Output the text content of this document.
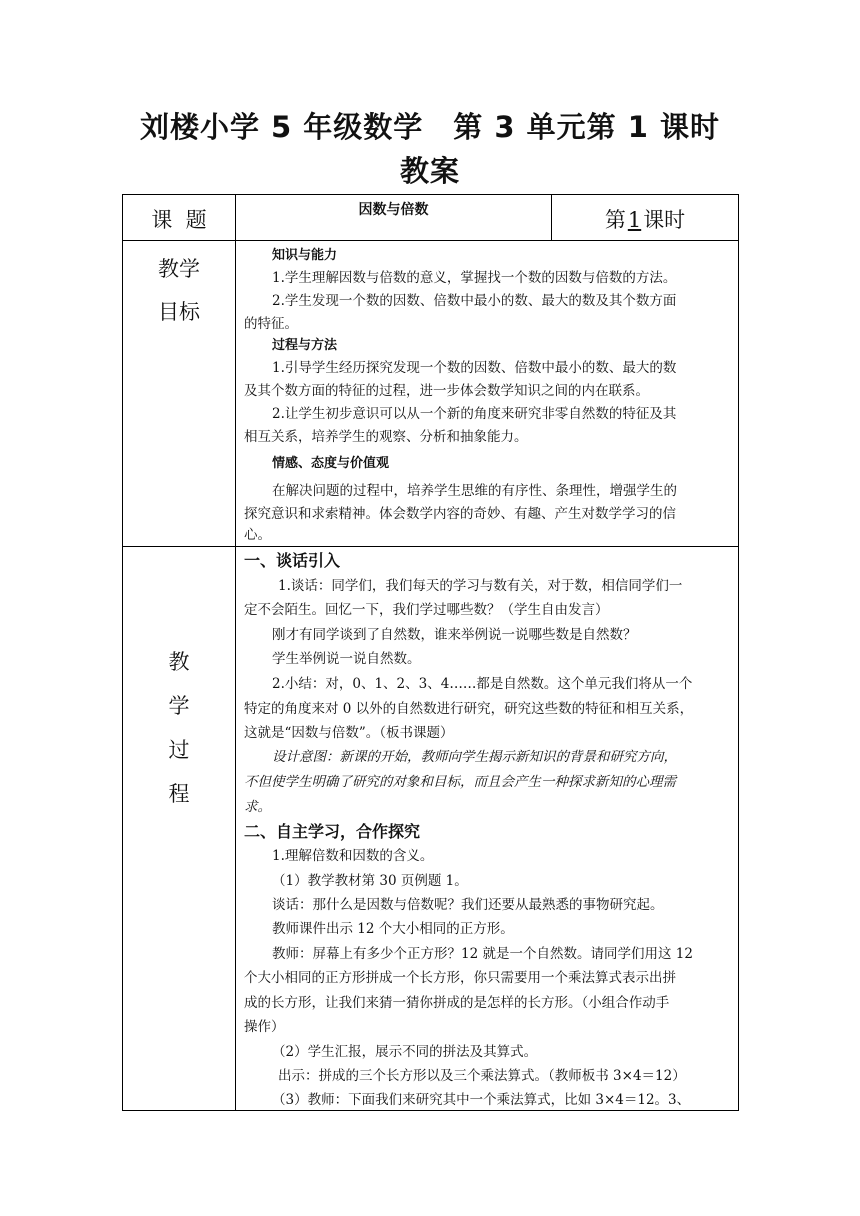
刘楼小学 5 年级数学　第 3 单元第 1 课时
教案
课  题	因数与倍数	第1课时
教学
目标
知识与能力
1.学生理解因数与倍数的意义，掌握找一个数的因数与倍数的方法。
2.学生发现一个数的因数、倍数中最小的数、最大的数及其个数方面
的特征。
过程与方法
1.引导学生经历探究发现一个数的因数、倍数中最小的数、最大的数
及其个数方面的特征的过程，进一步体会数学知识之间的内在联系。
2.让学生初步意识可以从一个新的角度来研究非零自然数的特征及其
相互关系，培养学生的观察、分析和抽象能力。
情感、态度与价值观
在解决问题的过程中，培养学生思维的有序性、条理性，增强学生的
探究意识和求索精神。体会数学内容的奇妙、有趣、产生对数学学习的信
心。
教
学
过
程
一、谈话引入
1.谈话：同学们，我们每天的学习与数有关，对于数，相信同学们一
定不会陌生。回忆一下，我们学过哪些数？（学生自由发言）
刚才有同学谈到了自然数，谁来举例说一说哪些数是自然数？
学生举例说一说自然数。
2.小结：对，0、1、2、3、4……都是自然数。这个单元我们将从一个
特定的角度来对 0 以外的自然数进行研究，研究这些数的特征和相互关系，
这就是“因数与倍数”。（板书课题）
设计意图：新课的开始，教师向学生揭示新知识的背景和研究方向，
不但使学生明确了研究的对象和目标，而且会产生一种探求新知的心理需
求。
二、自主学习，合作探究
1.理解倍数和因数的含义。
（1）教学教材第 30 页例题 1。
谈话：那什么是因数与倍数呢？我们还要从最熟悉的事物研究起。
教师课件出示 12 个大小相同的正方形。
教师：屏幕上有多少个正方形？12 就是一个自然数。请同学们用这 12
个大小相同的正方形拼成一个长方形，你只需要用一个乘法算式表示出拼
成的长方形，让我们来猜一猜你拼成的是怎样的长方形。（小组合作动手
操作）
（2）学生汇报，展示不同的拼法及其算式。
出示：拼成的三个长方形以及三个乘法算式。（教师板书 3×4＝12）
（3）教师：下面我们来研究其中一个乘法算式，比如 3×4＝12。3、
